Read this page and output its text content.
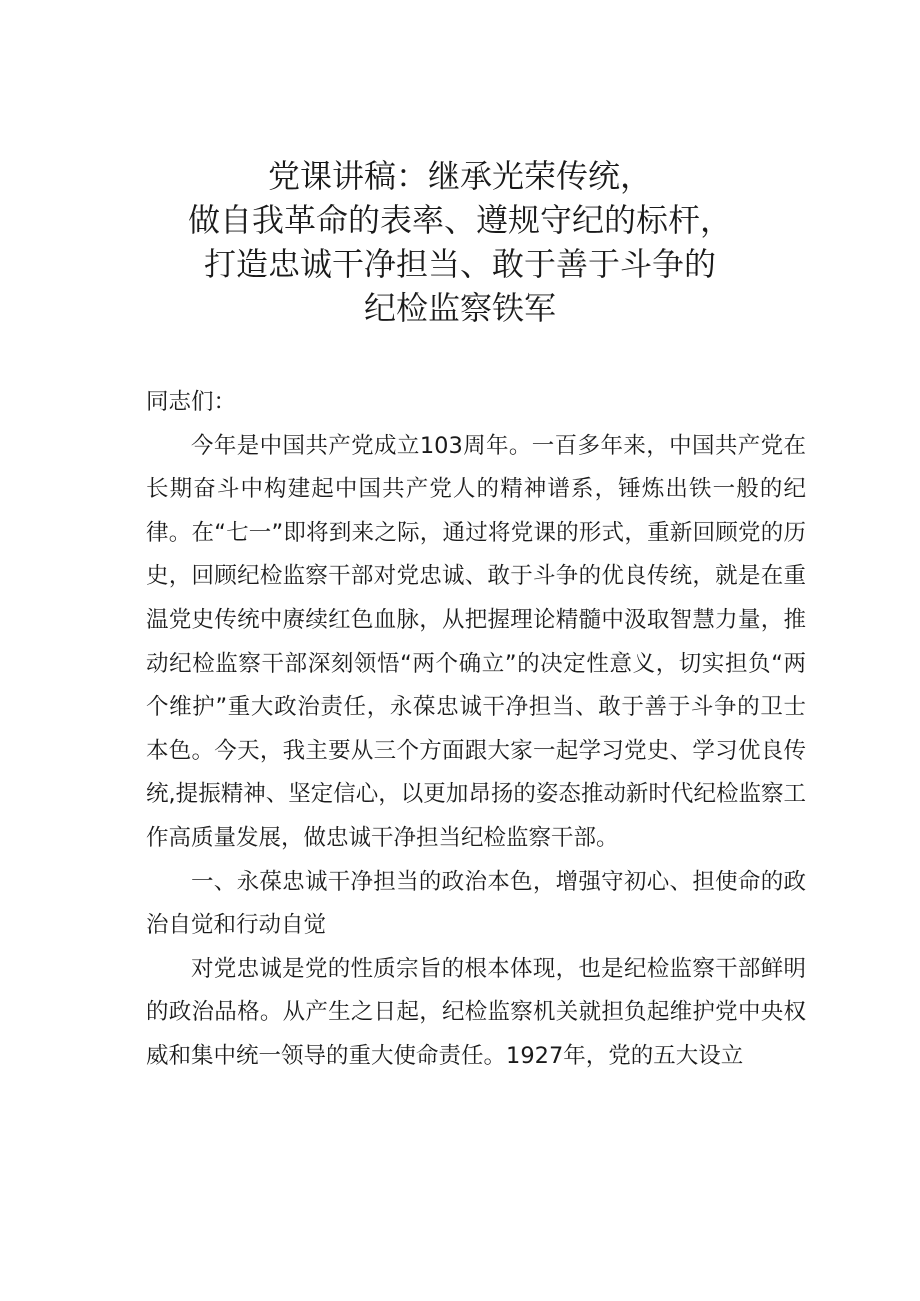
党课讲稿：继承光荣传统，
做自我革命的表率、遵规守纪的标杆，
打造忠诚干净担当、敢于善于斗争的
纪检监察铁军

同志们：

今年是中国共产党成立103周年。一百多年来，中国共产党在长期奋斗中构建起中国共产党人的精神谱系，锤炼出铁一般的纪律。在“七一”即将到来之际，通过将党课的形式，重新回顾党的历史，回顾纪检监察干部对党忠诚、敢于斗争的优良传统，就是在重温党史传统中赓续红色血脉，从把握理论精髓中汲取智慧力量，推动纪检监察干部深刻领悟“两个确立”的决定性意义，切实担负“两个维护”重大政治责任，永葆忠诚干净担当、敢于善于斗争的卫士本色。今天，我主要从三个方面跟大家一起学习党史、学习优良传统,提振精神、坚定信心，以更加昂扬的姿态推动新时代纪检监察工作高质量发展，做忠诚干净担当纪检监察干部。

一、永葆忠诚干净担当的政治本色，增强守初心、担使命的政治自觉和行动自觉

对党忠诚是党的性质宗旨的根本体现，也是纪检监察干部鲜明的政治品格。从产生之日起，纪检监察机关就担负起维护党中央权威和集中统一领导的重大使命责任。1927年，党的五大设立
